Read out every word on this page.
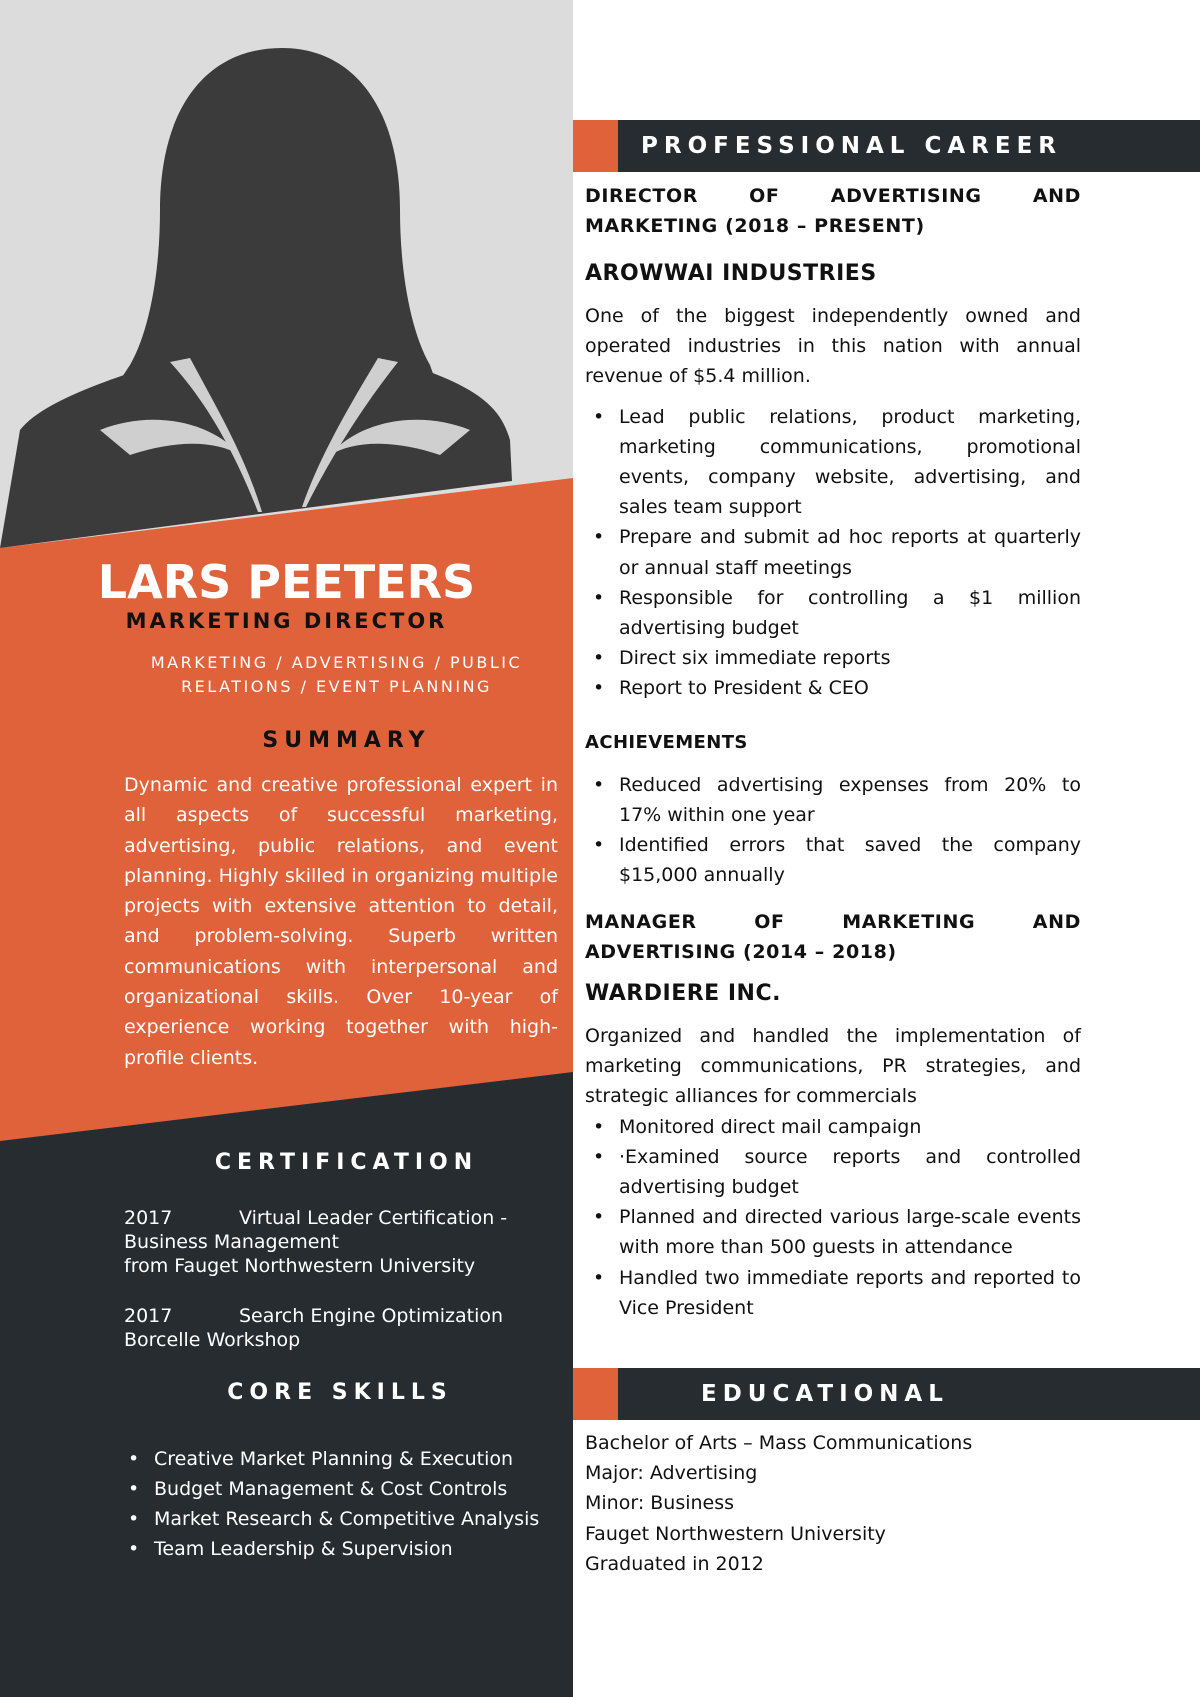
LARS PEETERS
MARKETING DIRECTOR
MARKETING / ADVERTISING / PUBLIC RELATIONS / EVENT PLANNING
SUMMARY
Dynamic and creative professional expert in all aspects of successful marketing, advertising, public relations, and event planning. Highly skilled in organizing multiple projects with extensive attention to detail, and problem-solving. Superb written communications with interpersonal and organizational skills. Over 10-year of experience working together with high-profile clients.
CERTIFICATION
2017	Virtual Leader Certification -
Business Management
from Fauget Northwestern University
2017	Search Engine Optimization
Borcelle Workshop
CORE SKILLS
• Creative Market Planning & Execution
• Budget Management & Cost Controls
• Market Research & Competitive Analysis
• Team Leadership & Supervision
PROFESSIONAL CAREER
DIRECTOR OF ADVERTISING AND MARKETING (2018 – PRESENT)
AROWWAI INDUSTRIES
One of the biggest independently owned and operated industries in this nation with annual revenue of $5.4 million.
• Lead public relations, product marketing, marketing communications, promotional events, company website, advertising, and sales team support
• Prepare and submit ad hoc reports at quarterly or annual staff meetings
• Responsible for controlling a $1 million advertising budget
• Direct six immediate reports
• Report to President & CEO
ACHIEVEMENTS
• Reduced advertising expenses from 20% to 17% within one year
• Identified errors that saved the company $15,000 annually
MANAGER OF MARKETING AND ADVERTISING (2014 – 2018)
WARDIERE INC.
Organized and handled the implementation of marketing communications, PR strategies, and strategic alliances for commercials
• Monitored direct mail campaign
• ·Examined source reports and controlled advertising budget
• Planned and directed various large-scale events with more than 500 guests in attendance
• Handled two immediate reports and reported to Vice President
EDUCATIONAL
Bachelor of Arts – Mass Communications
Major: Advertising
Minor: Business
Fauget Northwestern University
Graduated in 2012
